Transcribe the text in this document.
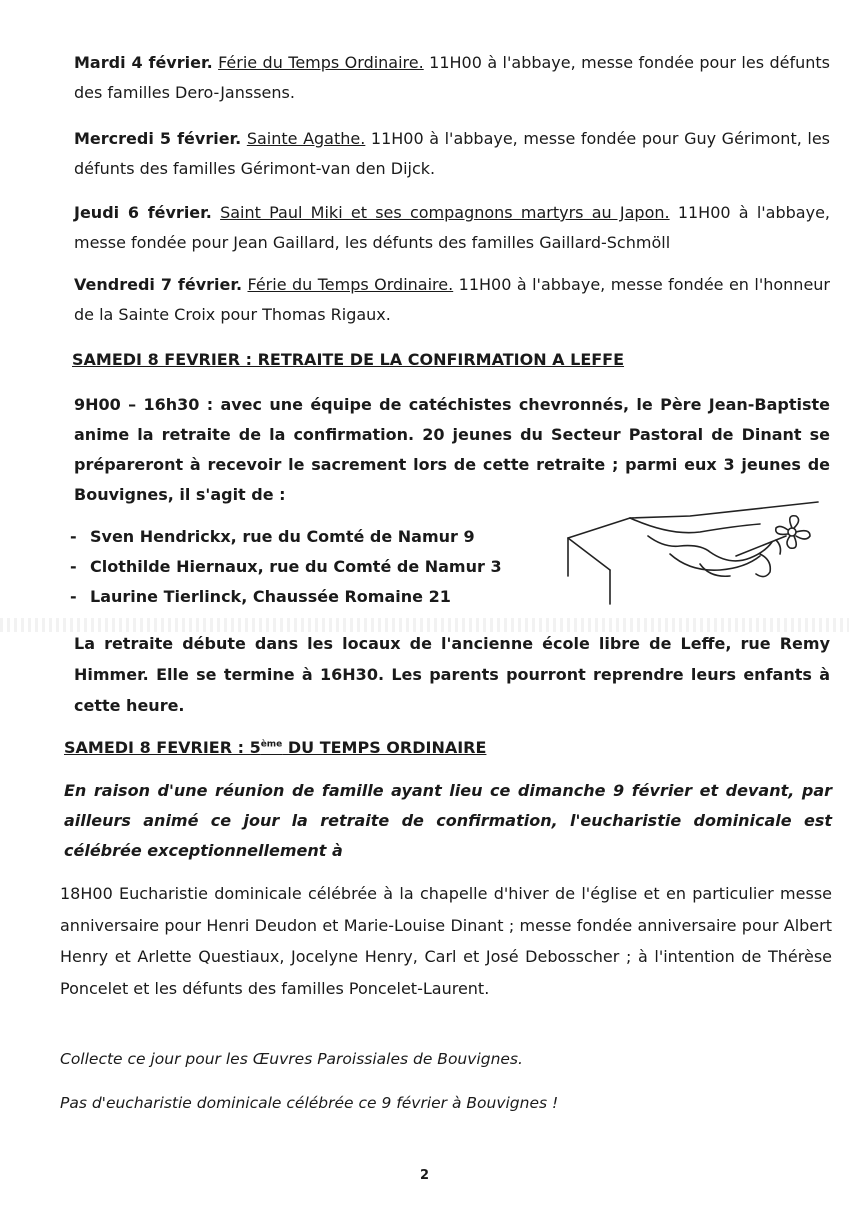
Mardi 4 février. Férie du Temps Ordinaire. 11H00 à l'abbaye, messe fondée pour les défunts des familles Dero-Janssens.

Mercredi 5 février. Sainte Agathe. 11H00 à l'abbaye, messe fondée pour Guy Gérimont, les défunts des familles Gérimont-van den Dijck.

Jeudi 6 février. Saint Paul Miki et ses compagnons martyrs au Japon. 11H00 à l'abbaye, messe fondée pour Jean Gaillard, les défunts des familles Gaillard-Schmöll

Vendredi 7 février. Férie du Temps Ordinaire. 11H00 à l'abbaye, messe fondée en l'honneur de la Sainte Croix pour Thomas Rigaux.

SAMEDI 8 FEVRIER : RETRAITE DE LA CONFIRMATION A LEFFE

9H00 – 16h30 : avec une équipe de catéchistes chevronnés, le Père Jean-Baptiste anime la retraite de la confirmation. 20 jeunes du Secteur Pastoral de Dinant se prépareront à recevoir le sacrement lors de cette retraite ; parmi eux 3 jeunes de Bouvignes, il s'agit de :

- Sven Hendrickx, rue du Comté de Namur 9
- Clothilde Hiernaux, rue du Comté de Namur 3
- Laurine Tierlinck, Chaussée Romaine 21

La retraite débute dans les locaux de l'ancienne école libre de Leffe, rue Remy Himmer. Elle se termine à 16H30. Les parents pourront reprendre leurs enfants à cette heure.

SAMEDI 8 FEVRIER : 5ème DU TEMPS ORDINAIRE

En raison d'une réunion de famille ayant lieu ce dimanche 9 février et devant, par ailleurs animé ce jour la retraite de confirmation, l'eucharistie dominicale est célébrée exceptionnellement à

18H00 Eucharistie dominicale célébrée à la chapelle d'hiver de l'église et en particulier messe anniversaire pour Henri Deudon et Marie-Louise Dinant ; messe fondée anniversaire pour Albert Henry et Arlette Questiaux, Jocelyne Henry, Carl et José Debosscher ; à l'intention de Thérèse Poncelet et les défunts des familles Poncelet-Laurent.

Collecte ce jour pour les Œuvres Paroissiales de Bouvignes.

Pas d'eucharistie dominicale célébrée ce 9 février à Bouvignes !

2
